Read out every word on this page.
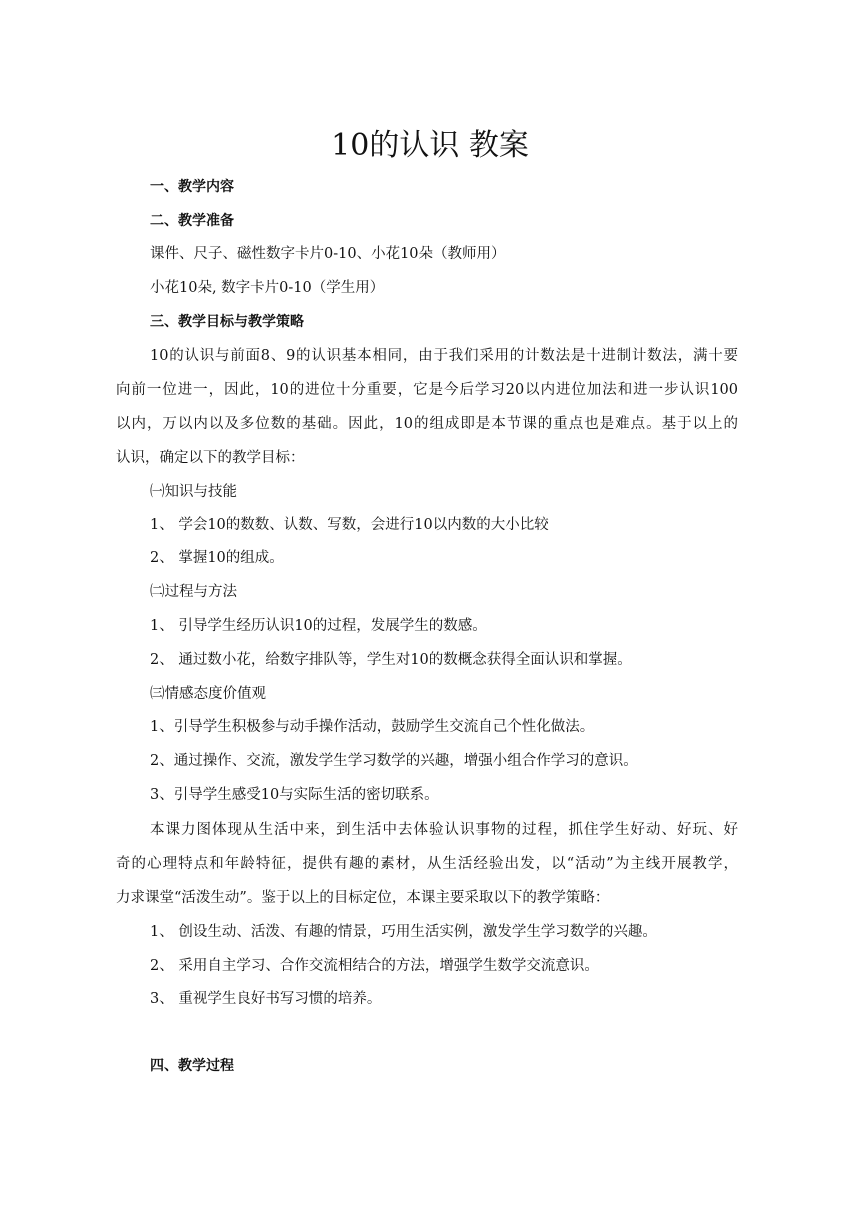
10的认识 教案
一、教学内容
二、教学准备
课件、尺子、磁性数字卡片0-10、小花10朵（教师用）
小花10朵, 数字卡片0-10（学生用）
三、教学目标与教学策略
10的认识与前面8、9的认识基本相同，由于我们采用的计数法是十进制计数法，满十要
向前一位进一，因此，10的进位十分重要，它是今后学习20以内进位加法和进一步认识100
以内，万以内以及多位数的基础。因此，10的组成即是本节课的重点也是难点。基于以上的
认识，确定以下的教学目标：
㈠知识与技能
1、 学会10的数数、认数、写数，会进行10以内数的大小比较
2、 掌握10的组成。
㈡过程与方法
1、 引导学生经历认识10的过程，发展学生的数感。
2、 通过数小花，给数字排队等，学生对10的数概念获得全面认识和掌握。
㈢情感态度价值观
1、引导学生积极参与动手操作活动，鼓励学生交流自己个性化做法。
2、通过操作、交流，激发学生学习数学的兴趣，增强小组合作学习的意识。
3、引导学生感受10与实际生活的密切联系。
本课力图体现从生活中来，到生活中去体验认识事物的过程，抓住学生好动、好玩、好
奇的心理特点和年龄特征，提供有趣的素材，从生活经验出发，以“活动”为主线开展教学，
力求课堂“活泼生动”。鉴于以上的目标定位，本课主要采取以下的教学策略：
1、 创设生动、活泼、有趣的情景，巧用生活实例，激发学生学习数学的兴趣。
2、 采用自主学习、合作交流相结合的方法，增强学生数学交流意识。
3、 重视学生良好书写习惯的培养。
四、教学过程
